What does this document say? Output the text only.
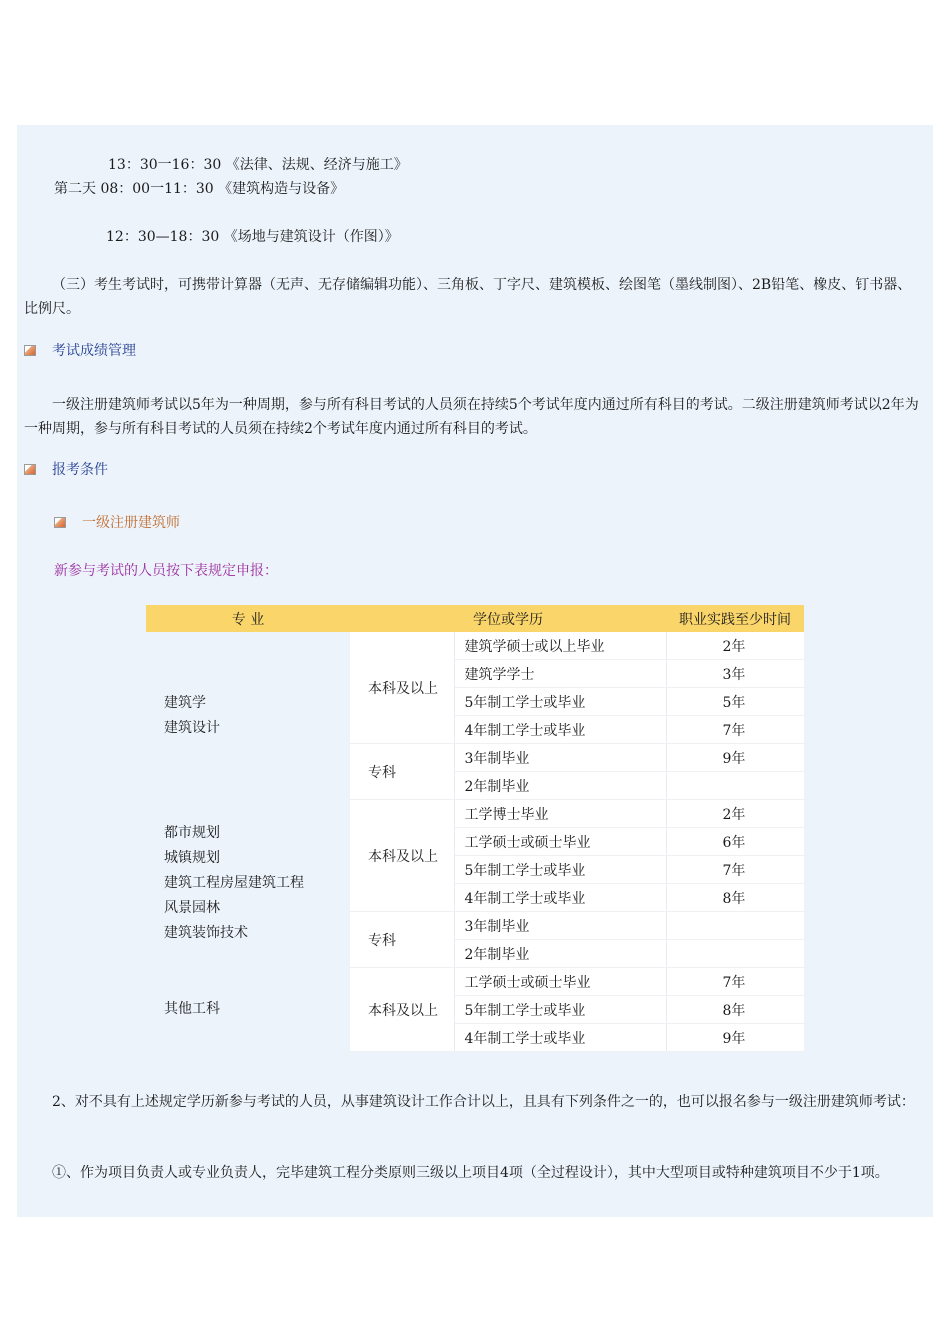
13：30一16：30 《法律、法规、经济与施工》
第二天 08：00一11：30 《建筑构造与设备》
12：30—18：30 《场地与建筑设计（作图）》
（三）考生考试时，可携带计算器（无声、无存储编辑功能）、三角板、丁字尺、建筑模板、绘图笔（墨线制图）、2B铅笔、橡皮、钉书器、比例尺。
考试成绩管理
一级注册建筑师考试以5年为一种周期，参与所有科目考试的人员须在持续5个考试年度内通过所有科目的考试。二级注册建筑师考试以2年为一种周期，参与所有科目考试的人员须在持续2个考试年度内通过所有科目的考试。
报考条件
一级注册建筑师
新参与考试的人员按下表规定申报：
专 业	学位或学历		职业实践至少时间

建筑学
建筑设计	本科及以上	建筑学硕士或以上毕业	2年
		建筑学学士	3年
		5年制工学士或毕业	5年
		4年制工学士或毕业	7年
	专科	3年制毕业	9年
		2年制毕业	

都市规划
城镇规划
建筑工程房屋建筑工程
风景园林
建筑装饰技术	本科及以上	工学博士毕业	2年
		工学硕士或硕士毕业	6年
		5年制工学士或毕业	7年
		4年制工学士或毕业	8年
	专科	3年制毕业	
		2年制毕业	

其他工科	本科及以上	工学硕士或硕士毕业	7年
		5年制工学士或毕业	8年
		4年制工学士或毕业	9年
2、对不具有上述规定学历新参与考试的人员，从事建筑设计工作合计以上，且具有下列条件之一的，也可以报名参与一级注册建筑师考试：
①、作为项目负责人或专业负责人，完毕建筑工程分类原则三级以上项目4项（全过程设计），其中大型项目或特种建筑项目不少于1项。
